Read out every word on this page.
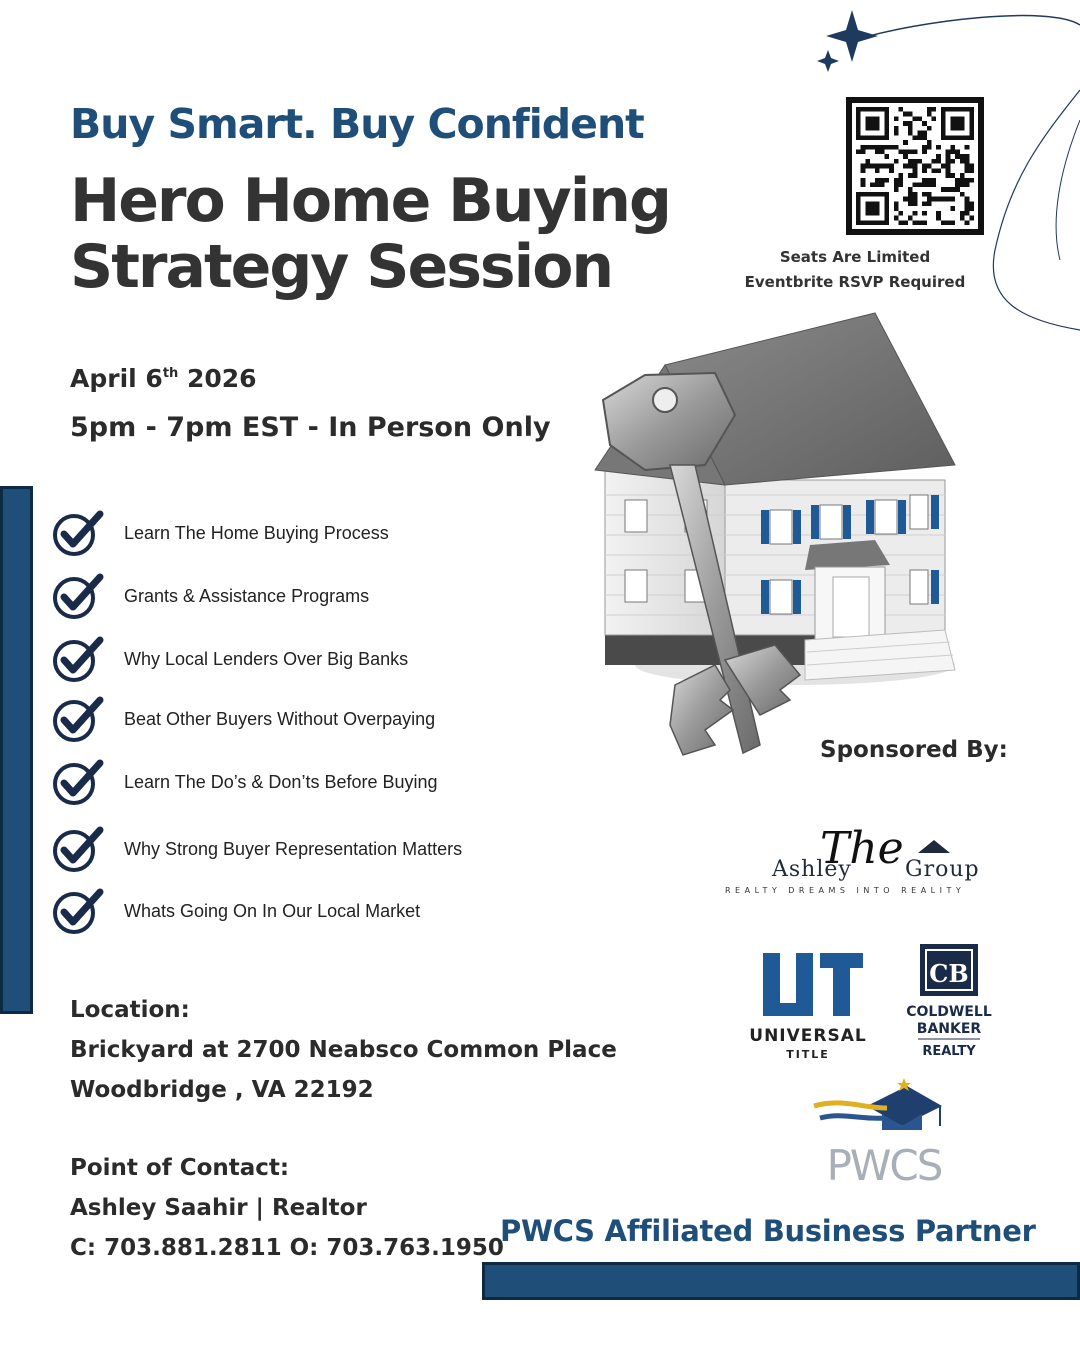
Buy Smart. Buy Confident
Hero Home Buying
Strategy Session	Seats Are Limited
Eventbrite RSVP Required
April 6th 2026
5pm - 7pm EST - In Person Only
Learn The Home Buying Process
Grants & Assistance Programs
Why Local Lenders Over Big Banks
Beat Other Buyers Without Overpaying
Learn The Do’s & Don’ts Before Buying
Why Strong Buyer Representation Matters
Whats Going On In Our Local Market
Sponsored By:
Ashley
The Group
REALTY DREAMS INTO REALITY
UNIVERSAL
TITLE
CB
COLDWELL
BANKER
REALTY
PWCS
PWCS Affiliated Business Partner
Location:
Brickyard at 2700 Neabsco Common Place
Woodbridge , VA 22192
Point of Contact:
Ashley Saahir | Realtor
C: 703.881.2811 O: 703.763.1950
